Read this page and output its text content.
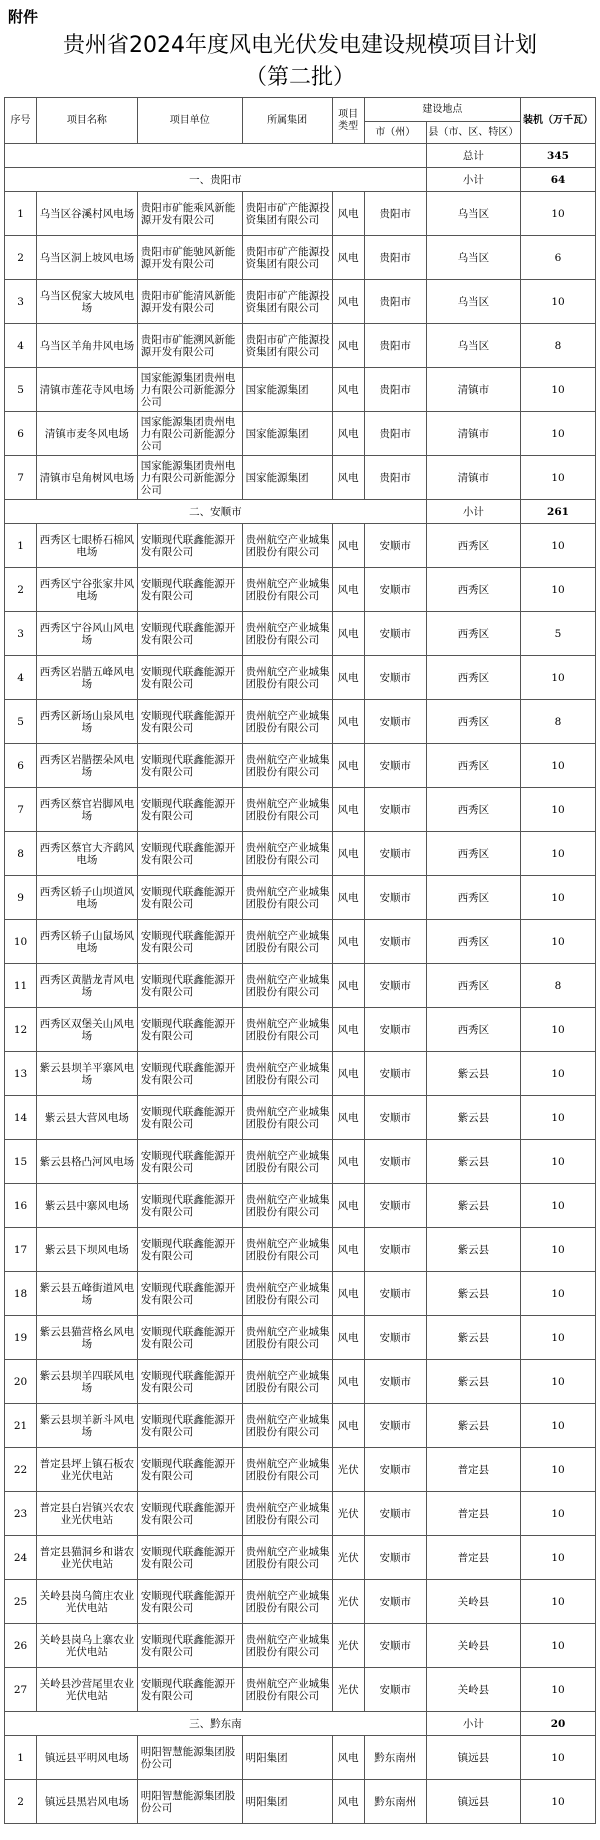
附件
贵州省2024年度风电光伏发电建设规模项目计划
（第二批）
序号	项目名称	项目单位	所属集团	项目类型	建设地点		装机（万千瓦）
					市（州）	县（市、区、特区）	
						总计	345
一、贵阳市						小计	64
1	乌当区谷溪村风电场	贵阳市矿能乘风新能源开发有限公司	贵阳市矿产能源投资集团有限公司	风电	贵阳市	乌当区	10
2	乌当区洞上坡风电场	贵阳市矿能驰风新能源开发有限公司	贵阳市矿产能源投资集团有限公司	风电	贵阳市	乌当区	6
3	乌当区倪家大坡风电场	贵阳市矿能清风新能源开发有限公司	贵阳市矿产能源投资集团有限公司	风电	贵阳市	乌当区	10
4	乌当区羊角井风电场	贵阳市矿能溯风新能源开发有限公司	贵阳市矿产能源投资集团有限公司	风电	贵阳市	乌当区	8
5	清镇市莲花寺风电场	国家能源集团贵州电力有限公司新能源分公司	国家能源集团	风电	贵阳市	清镇市	10
6	清镇市麦冬风电场	国家能源集团贵州电力有限公司新能源分公司	国家能源集团	风电	贵阳市	清镇市	10
7	清镇市皂角树风电场	国家能源集团贵州电力有限公司新能源分公司	国家能源集团	风电	贵阳市	清镇市	10
二、安顺市						小计	261
1	西秀区七眼桥石棉风电场	安顺现代联鑫能源开发有限公司	贵州航空产业城集团股份有限公司	风电	安顺市	西秀区	10
2	西秀区宁谷张家井风电场	安顺现代联鑫能源开发有限公司	贵州航空产业城集团股份有限公司	风电	安顺市	西秀区	10
3	西秀区宁谷风山风电场	安顺现代联鑫能源开发有限公司	贵州航空产业城集团股份有限公司	风电	安顺市	西秀区	5
4	西秀区岩腊五峰风电场	安顺现代联鑫能源开发有限公司	贵州航空产业城集团股份有限公司	风电	安顺市	西秀区	10
5	西秀区新场山泉风电场	安顺现代联鑫能源开发有限公司	贵州航空产业城集团股份有限公司	风电	安顺市	西秀区	8
6	西秀区岩腊摆朵风电场	安顺现代联鑫能源开发有限公司	贵州航空产业城集团股份有限公司	风电	安顺市	西秀区	10
7	西秀区蔡官岩脚风电场	安顺现代联鑫能源开发有限公司	贵州航空产业城集团股份有限公司	风电	安顺市	西秀区	10
8	西秀区蔡官大齐鹞风电场	安顺现代联鑫能源开发有限公司	贵州航空产业城集团股份有限公司	风电	安顺市	西秀区	10
9	西秀区轿子山坝道风电场	安顺现代联鑫能源开发有限公司	贵州航空产业城集团股份有限公司	风电	安顺市	西秀区	10
10	西秀区轿子山鼠场风电场	安顺现代联鑫能源开发有限公司	贵州航空产业城集团股份有限公司	风电	安顺市	西秀区	10
11	西秀区黄腊龙青风电场	安顺现代联鑫能源开发有限公司	贵州航空产业城集团股份有限公司	风电	安顺市	西秀区	8
12	西秀区双堡关山风电场	安顺现代联鑫能源开发有限公司	贵州航空产业城集团股份有限公司	风电	安顺市	西秀区	10
13	紫云县坝羊平寨风电场	安顺现代联鑫能源开发有限公司	贵州航空产业城集团股份有限公司	风电	安顺市	紫云县	10
14	紫云县大营风电场	安顺现代联鑫能源开发有限公司	贵州航空产业城集团股份有限公司	风电	安顺市	紫云县	10
15	紫云县格凸河风电场	安顺现代联鑫能源开发有限公司	贵州航空产业城集团股份有限公司	风电	安顺市	紫云县	10
16	紫云县中寨风电场	安顺现代联鑫能源开发有限公司	贵州航空产业城集团股份有限公司	风电	安顺市	紫云县	10
17	紫云县下坝风电场	安顺现代联鑫能源开发有限公司	贵州航空产业城集团股份有限公司	风电	安顺市	紫云县	10
18	紫云县五峰街道风电场	安顺现代联鑫能源开发有限公司	贵州航空产业城集团股份有限公司	风电	安顺市	紫云县	10
19	紫云县猫营格幺风电场	安顺现代联鑫能源开发有限公司	贵州航空产业城集团股份有限公司	风电	安顺市	紫云县	10
20	紫云县坝羊四联风电场	安顺现代联鑫能源开发有限公司	贵州航空产业城集团股份有限公司	风电	安顺市	紫云县	10
21	紫云县坝羊新斗风电场	安顺现代联鑫能源开发有限公司	贵州航空产业城集团股份有限公司	风电	安顺市	紫云县	10
22	普定县坪上镇石板农业光伏电站	安顺现代联鑫能源开发有限公司	贵州航空产业城集团股份有限公司	光伏	安顺市	普定县	10
23	普定县白岩镇兴农农业光伏电站	安顺现代联鑫能源开发有限公司	贵州航空产业城集团股份有限公司	光伏	安顺市	普定县	10
24	普定县猫洞乡和谐农业光伏电站	安顺现代联鑫能源开发有限公司	贵州航空产业城集团股份有限公司	光伏	安顺市	普定县	10
25	关岭县岗乌简庄农业光伏电站	安顺现代联鑫能源开发有限公司	贵州航空产业城集团股份有限公司	光伏	安顺市	关岭县	10
26	关岭县岗乌上寨农业光伏电站	安顺现代联鑫能源开发有限公司	贵州航空产业城集团股份有限公司	光伏	安顺市	关岭县	10
27	关岭县沙营尾里农业光伏电站	安顺现代联鑫能源开发有限公司	贵州航空产业城集团股份有限公司	光伏	安顺市	关岭县	10
三、黔东南						小计	20
1	镇远县平明风电场	明阳智慧能源集团股份公司	明阳集团	风电	黔东南州	镇远县	10
2	镇远县黑岩风电场	明阳智慧能源集团股份公司	明阳集团	风电	黔东南州	镇远县	10
